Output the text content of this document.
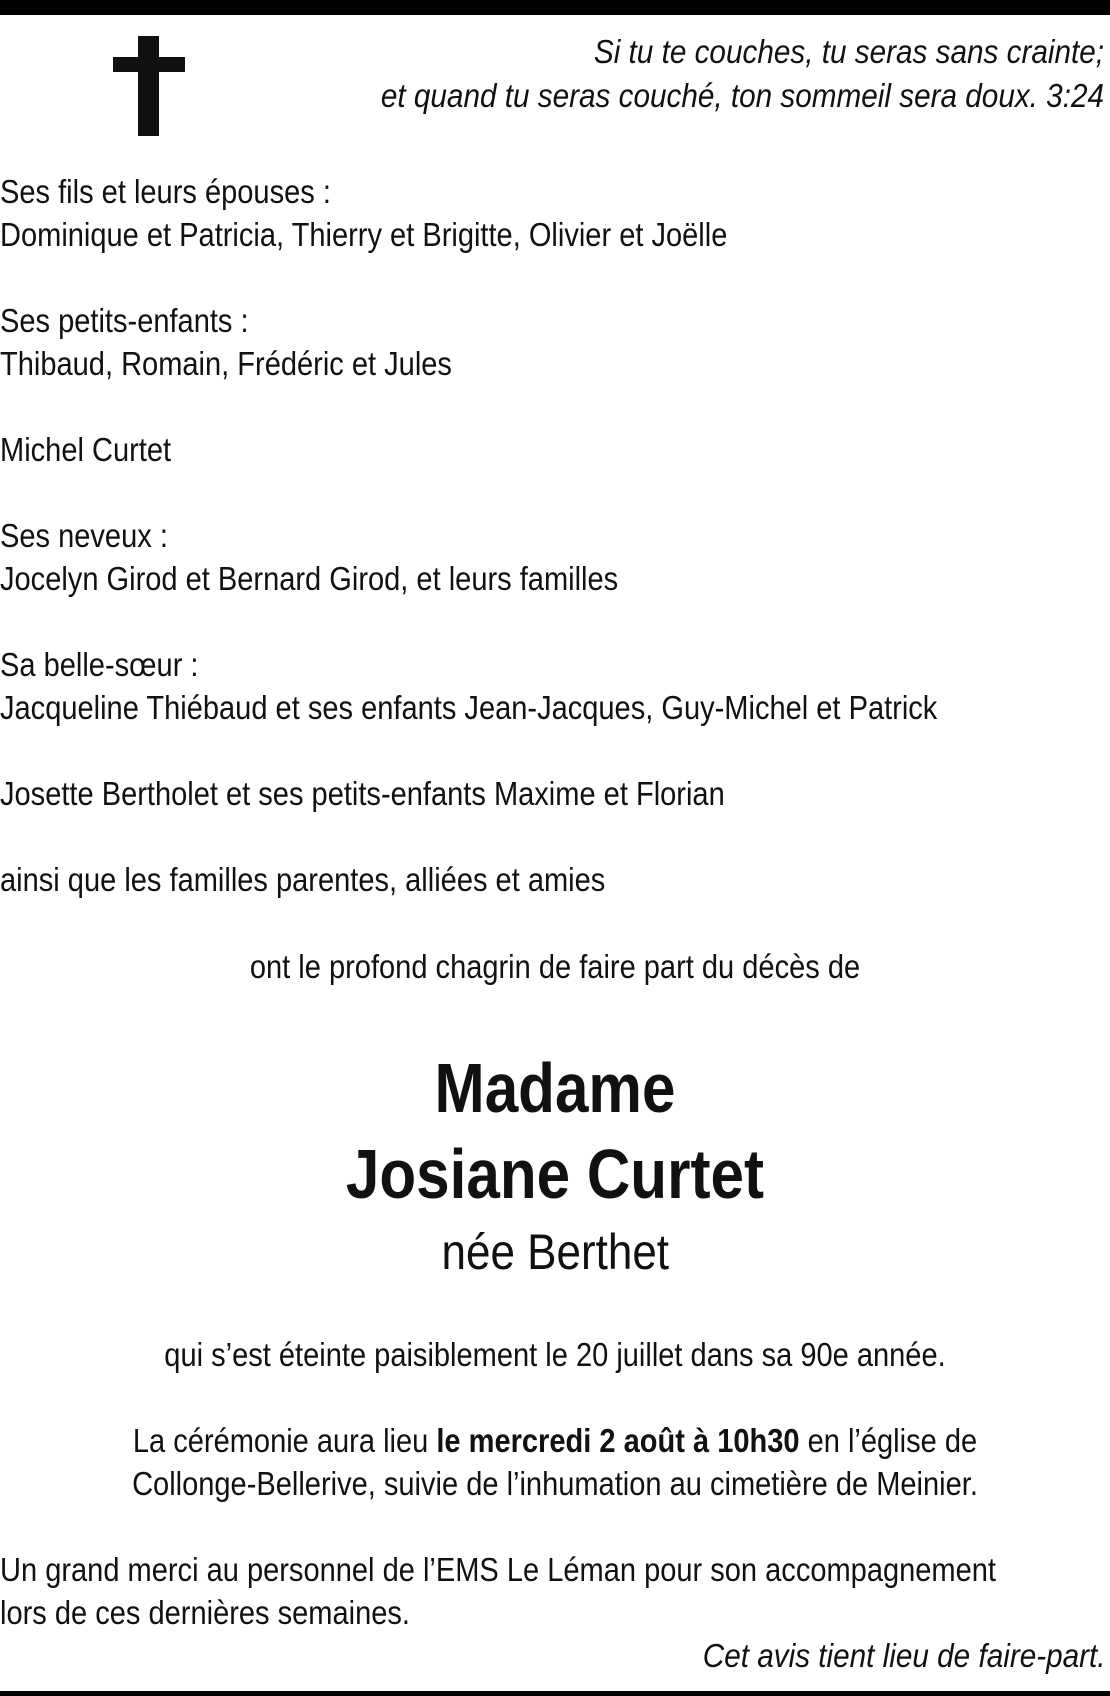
Si tu te couches, tu seras sans crainte;
et quand tu seras couché, ton sommeil sera doux. 3:24
Ses fils et leurs épouses :
Dominique et Patricia, Thierry et Brigitte, Olivier et Joëlle
Ses petits-enfants :
Thibaud, Romain, Frédéric et Jules
Michel Curtet
Ses neveux :
Jocelyn Girod et Bernard Girod, et leurs familles
Sa belle-sœur :
Jacqueline Thiébaud et ses enfants Jean-Jacques, Guy-Michel et Patrick
Josette Bertholet et ses petits-enfants Maxime et Florian
ainsi que les familles parentes, alliées et amies
ont le profond chagrin de faire part du décès de
Madame
Josiane Curtet
née Berthet
qui s’est éteinte paisiblement le 20 juillet dans sa 90e année.
La cérémonie aura lieu le mercredi 2 août à 10h30 en l’église de
Collonge-Bellerive, suivie de l’inhumation au cimetière de Meinier.
Un grand merci au personnel de l’EMS Le Léman pour son accompagnement
lors de ces dernières semaines.
Cet avis tient lieu de faire-part.
